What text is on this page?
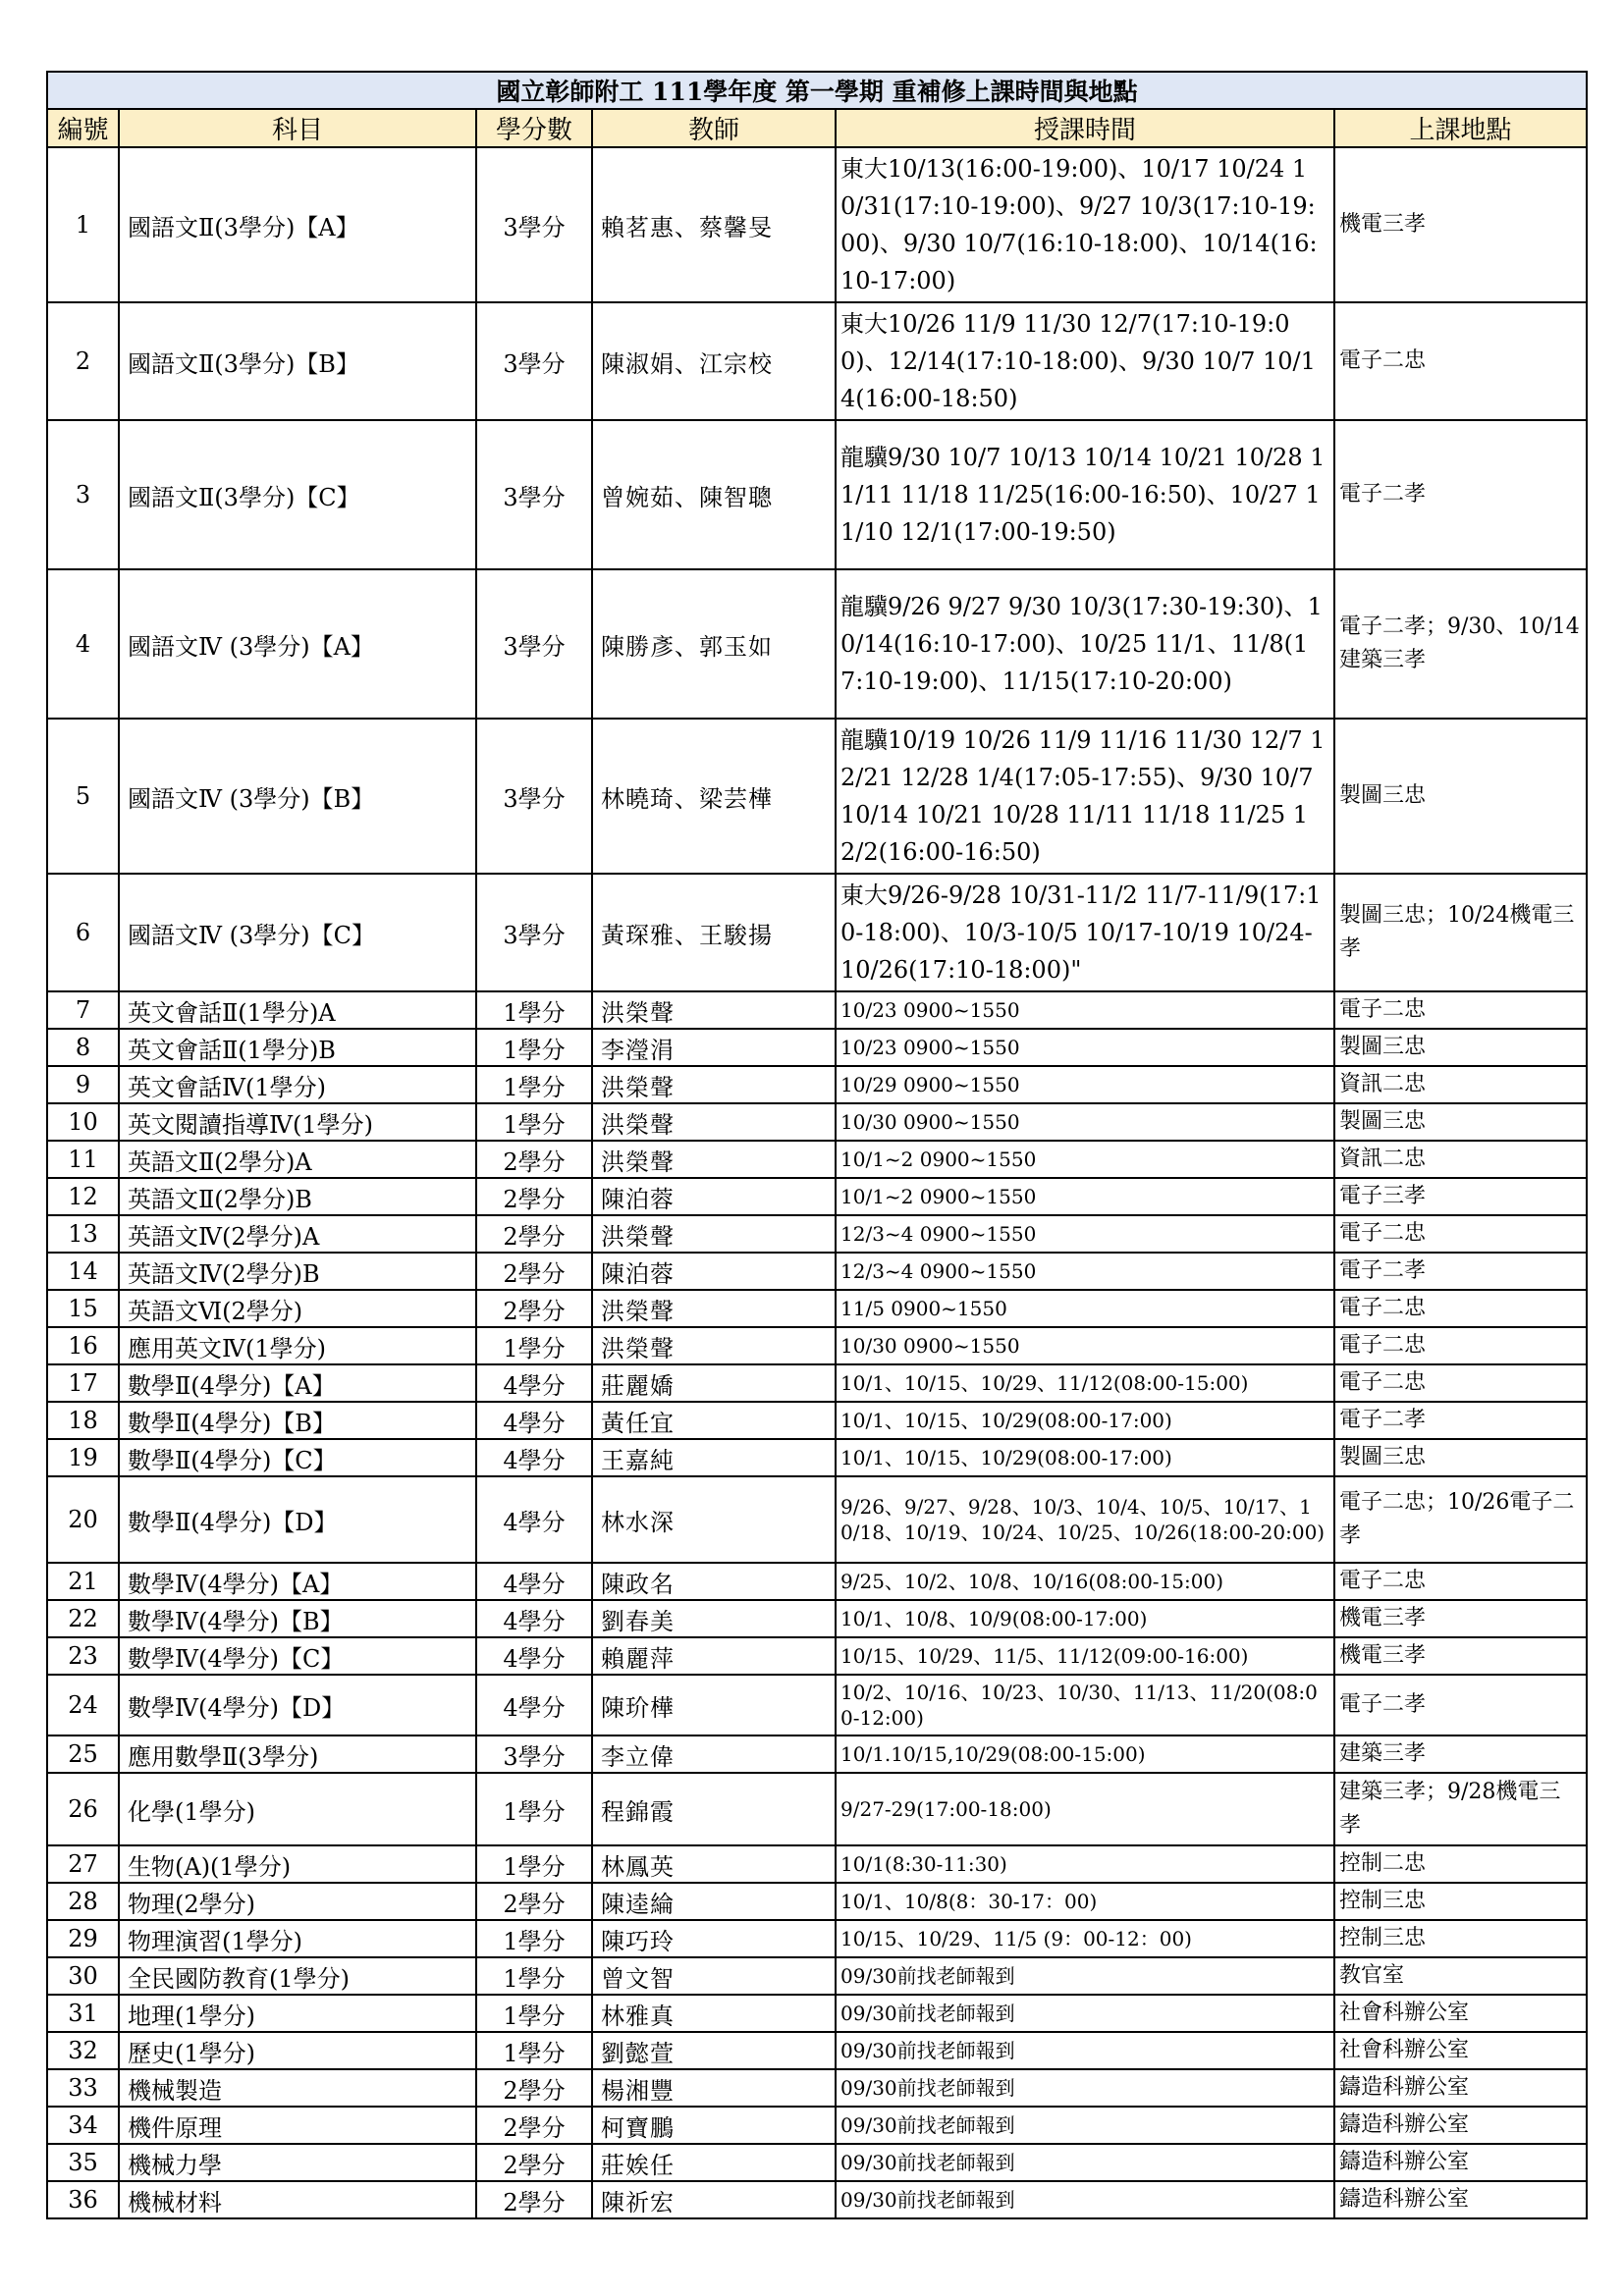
國立彰師附工 111學年度 第一學期 重補修上課時間與地點					
編號	科目	學分數	教師	授課時間	上課地點
1	國語文Ⅱ(3學分)【A】	3學分	賴茗惠、蔡馨旻	東大10/13(16:00-19:00)、10/17 10/24 10/31(17:10-19:00)、9/27 10/3(17:10-19:00)、9/30 10/7(16:10-18:00)、10/14(16:10-17:00)	機電三孝
2	國語文Ⅱ(3學分)【B】	3學分	陳淑娟、江宗校	東大10/26 11/9 11/30 12/7(17:10-19:00)、12/14(17:10-18:00)、9/30 10/7 10/14(16:00-18:50)	電子二忠
3	國語文Ⅱ(3學分)【C】	3學分	曾婉茹、陳智聰	龍驥9/30 10/7 10/13 10/14 10/21 10/28 11/11 11/18 11/25(16:00-16:50)、10/27 11/10 12/1(17:00-19:50)	電子二孝
4	國語文Ⅳ (3學分)【A】	3學分	陳勝彥、郭玉如	龍驥9/26 9/27 9/30 10/3(17:30-19:30)、10/14(16:10-17:00)、10/25 11/1、11/8(17:10-19:00)、11/15(17:10-20:00)	電子二孝；9/30、10/14建築三孝
5	國語文Ⅳ (3學分)【B】	3學分	林曉琦、梁芸樺	龍驥10/19 10/26 11/9 11/16 11/30 12/7 12/21 12/28 1/4(17:05-17:55)、9/30 10/7 10/14 10/21 10/28 11/11 11/18 11/25 12/2(16:00-16:50)	製圖三忠
6	國語文Ⅳ (3學分)【C】	3學分	黃琛雅、王駿揚	東大9/26-9/28 10/31-11/2 11/7-11/9(17:10-18:00)、10/3-10/5 10/17-10/19 10/24-10/26(17:10-18:00)"	製圖三忠；10/24機電三孝
7	英文會話Ⅱ(1學分)A	1學分	洪榮聲	10/23 0900~1550	電子二忠
8	英文會話Ⅱ(1學分)B	1學分	李瀅涓	10/23 0900~1550	製圖三忠
9	英文會話Ⅳ(1學分)	1學分	洪榮聲	10/29 0900~1550	資訊二忠
10	英文閱讀指導Ⅳ(1學分)	1學分	洪榮聲	10/30 0900~1550	製圖三忠
11	英語文Ⅱ(2學分)A	2學分	洪榮聲	10/1~2 0900~1550	資訊二忠
12	英語文Ⅱ(2學分)B	2學分	陳泊蓉	10/1~2 0900~1550	電子三孝
13	英語文Ⅳ(2學分)A	2學分	洪榮聲	12/3~4 0900~1550	電子二忠
14	英語文Ⅳ(2學分)B	2學分	陳泊蓉	12/3~4 0900~1550	電子二孝
15	英語文Ⅵ(2學分)	2學分	洪榮聲	11/5 0900~1550	電子二忠
16	應用英文Ⅳ(1學分)	1學分	洪榮聲	10/30 0900~1550	電子二忠
17	數學Ⅱ(4學分)【A】	4學分	莊麗嬌	10/1、10/15、10/29、11/12(08:00-15:00)	電子二忠
18	數學Ⅱ(4學分)【B】	4學分	黃任宜	10/1、10/15、10/29(08:00-17:00)	電子二孝
19	數學Ⅱ(4學分)【C】	4學分	王嘉純	10/1、10/15、10/29(08:00-17:00)	製圖三忠
20	數學Ⅱ(4學分)【D】	4學分	林水深	9/26、9/27、9/28、10/3、10/4、10/5、10/17、10/18、10/19、10/24、10/25、10/26(18:00-20:00)	電子二忠；10/26電子二孝
21	數學Ⅳ(4學分)【A】	4學分	陳政名	9/25、10/2、10/8、10/16(08:00-15:00)	電子二忠
22	數學Ⅳ(4學分)【B】	4學分	劉春美	10/1、10/8、10/9(08:00-17:00)	機電三孝
23	數學Ⅳ(4學分)【C】	4學分	賴麗萍	10/15、10/29、11/5、11/12(09:00-16:00)	機電三孝
24	數學Ⅳ(4學分)【D】	4學分	陳玠樺	10/2、10/16、10/23、10/30、11/13、11/20(08:00-12:00)	電子二孝
25	應用數學Ⅱ(3學分)	3學分	李立偉	10/1.10/15,10/29(08:00-15:00)	建築三孝
26	化學(1學分)	1學分	程錦霞	9/27-29(17:00-18:00)	建築三孝；9/28機電三孝
27	生物(A)(1學分)	1學分	林鳳英	10/1(8:30-11:30)	控制二忠
28	物理(2學分)	2學分	陳逵綸	10/1、10/8(8：30-17：00)	控制三忠
29	物理演習(1學分)	1學分	陳巧玲	10/15、10/29、11/5 (9：00-12：00)	控制三忠
30	全民國防教育(1學分)	1學分	曾文智	09/30前找老師報到	教官室
31	地理(1學分)	1學分	林雅真	09/30前找老師報到	社會科辦公室
32	歷史(1學分)	1學分	劉懿萱	09/30前找老師報到	社會科辦公室
33	機械製造	2學分	楊湘豐	09/30前找老師報到	鑄造科辦公室
34	機件原理	2學分	柯寶鵬	09/30前找老師報到	鑄造科辦公室
35	機械力學	2學分	莊娭任	09/30前找老師報到	鑄造科辦公室
36	機械材料	2學分	陳祈宏	09/30前找老師報到	鑄造科辦公室
